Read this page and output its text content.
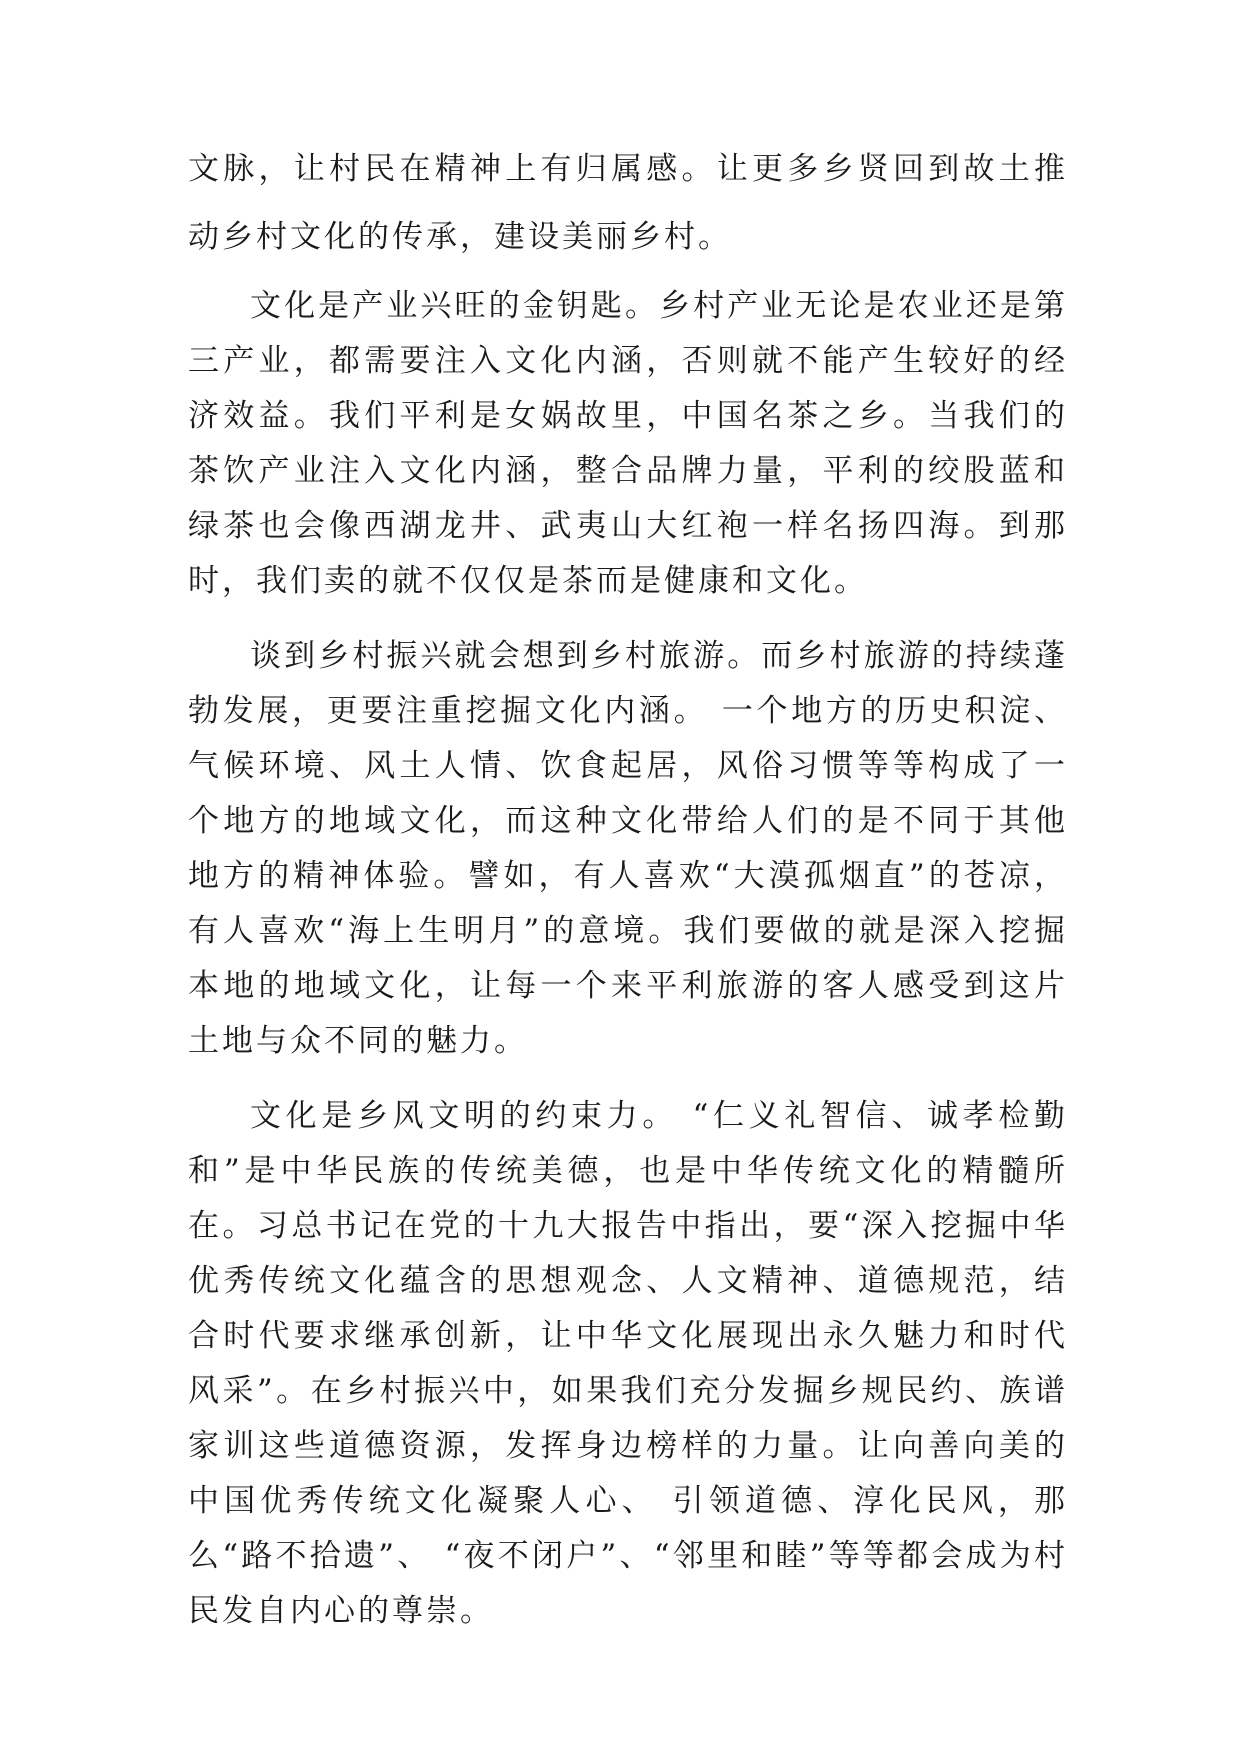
文脉，让村民在精神上有归属感。让更多乡贤回到故土推动乡村文化的传承，建设美丽乡村。

文化是产业兴旺的金钥匙。乡村产业无论是农业还是第三产业，都需要注入文化内涵，否则就不能产生较好的经济效益。我们平利是女娲故里，中国名茶之乡。当我们的茶饮产业注入文化内涵，整合品牌力量，平利的绞股蓝和绿茶也会像西湖龙井、武夷山大红袍一样名扬四海。到那时，我们卖的就不仅仅是茶而是健康和文化。

谈到乡村振兴就会想到乡村旅游。而乡村旅游的持续蓬勃发展，更要注重挖掘文化内涵。 一个地方的历史积淀、气候环境、风土人情、饮食起居，风俗习惯等等构成了一个地方的地域文化，而这种文化带给人们的是不同于其他地方的精神体验。譬如，有人喜欢“大漠孤烟直”的苍凉，有人喜欢“海上生明月”的意境。我们要做的就是深入挖掘本地的地域文化，让每一个来平利旅游的客人感受到这片土地与众不同的魅力。

文化是乡风文明的约束力。 “仁义礼智信、诚孝检勤和”是中华民族的传统美德，也是中华传统文化的精髓所在。习总书记在党的十九大报告中指出，要“深入挖掘中华优秀传统文化蕴含的思想观念、人文精神、道德规范，结合时代要求继承创新，让中华文化展现出永久魅力和时代风采”。在乡村振兴中，如果我们充分发掘乡规民约、族谱家训这些道德资源，发挥身边榜样的力量。让向善向美的中国优秀传统文化凝聚人心、 引领道德、淳化民风，那么“路不拾遗”、 “夜不闭户”、“邻里和睦”等等都会成为村民发自内心的尊崇。
